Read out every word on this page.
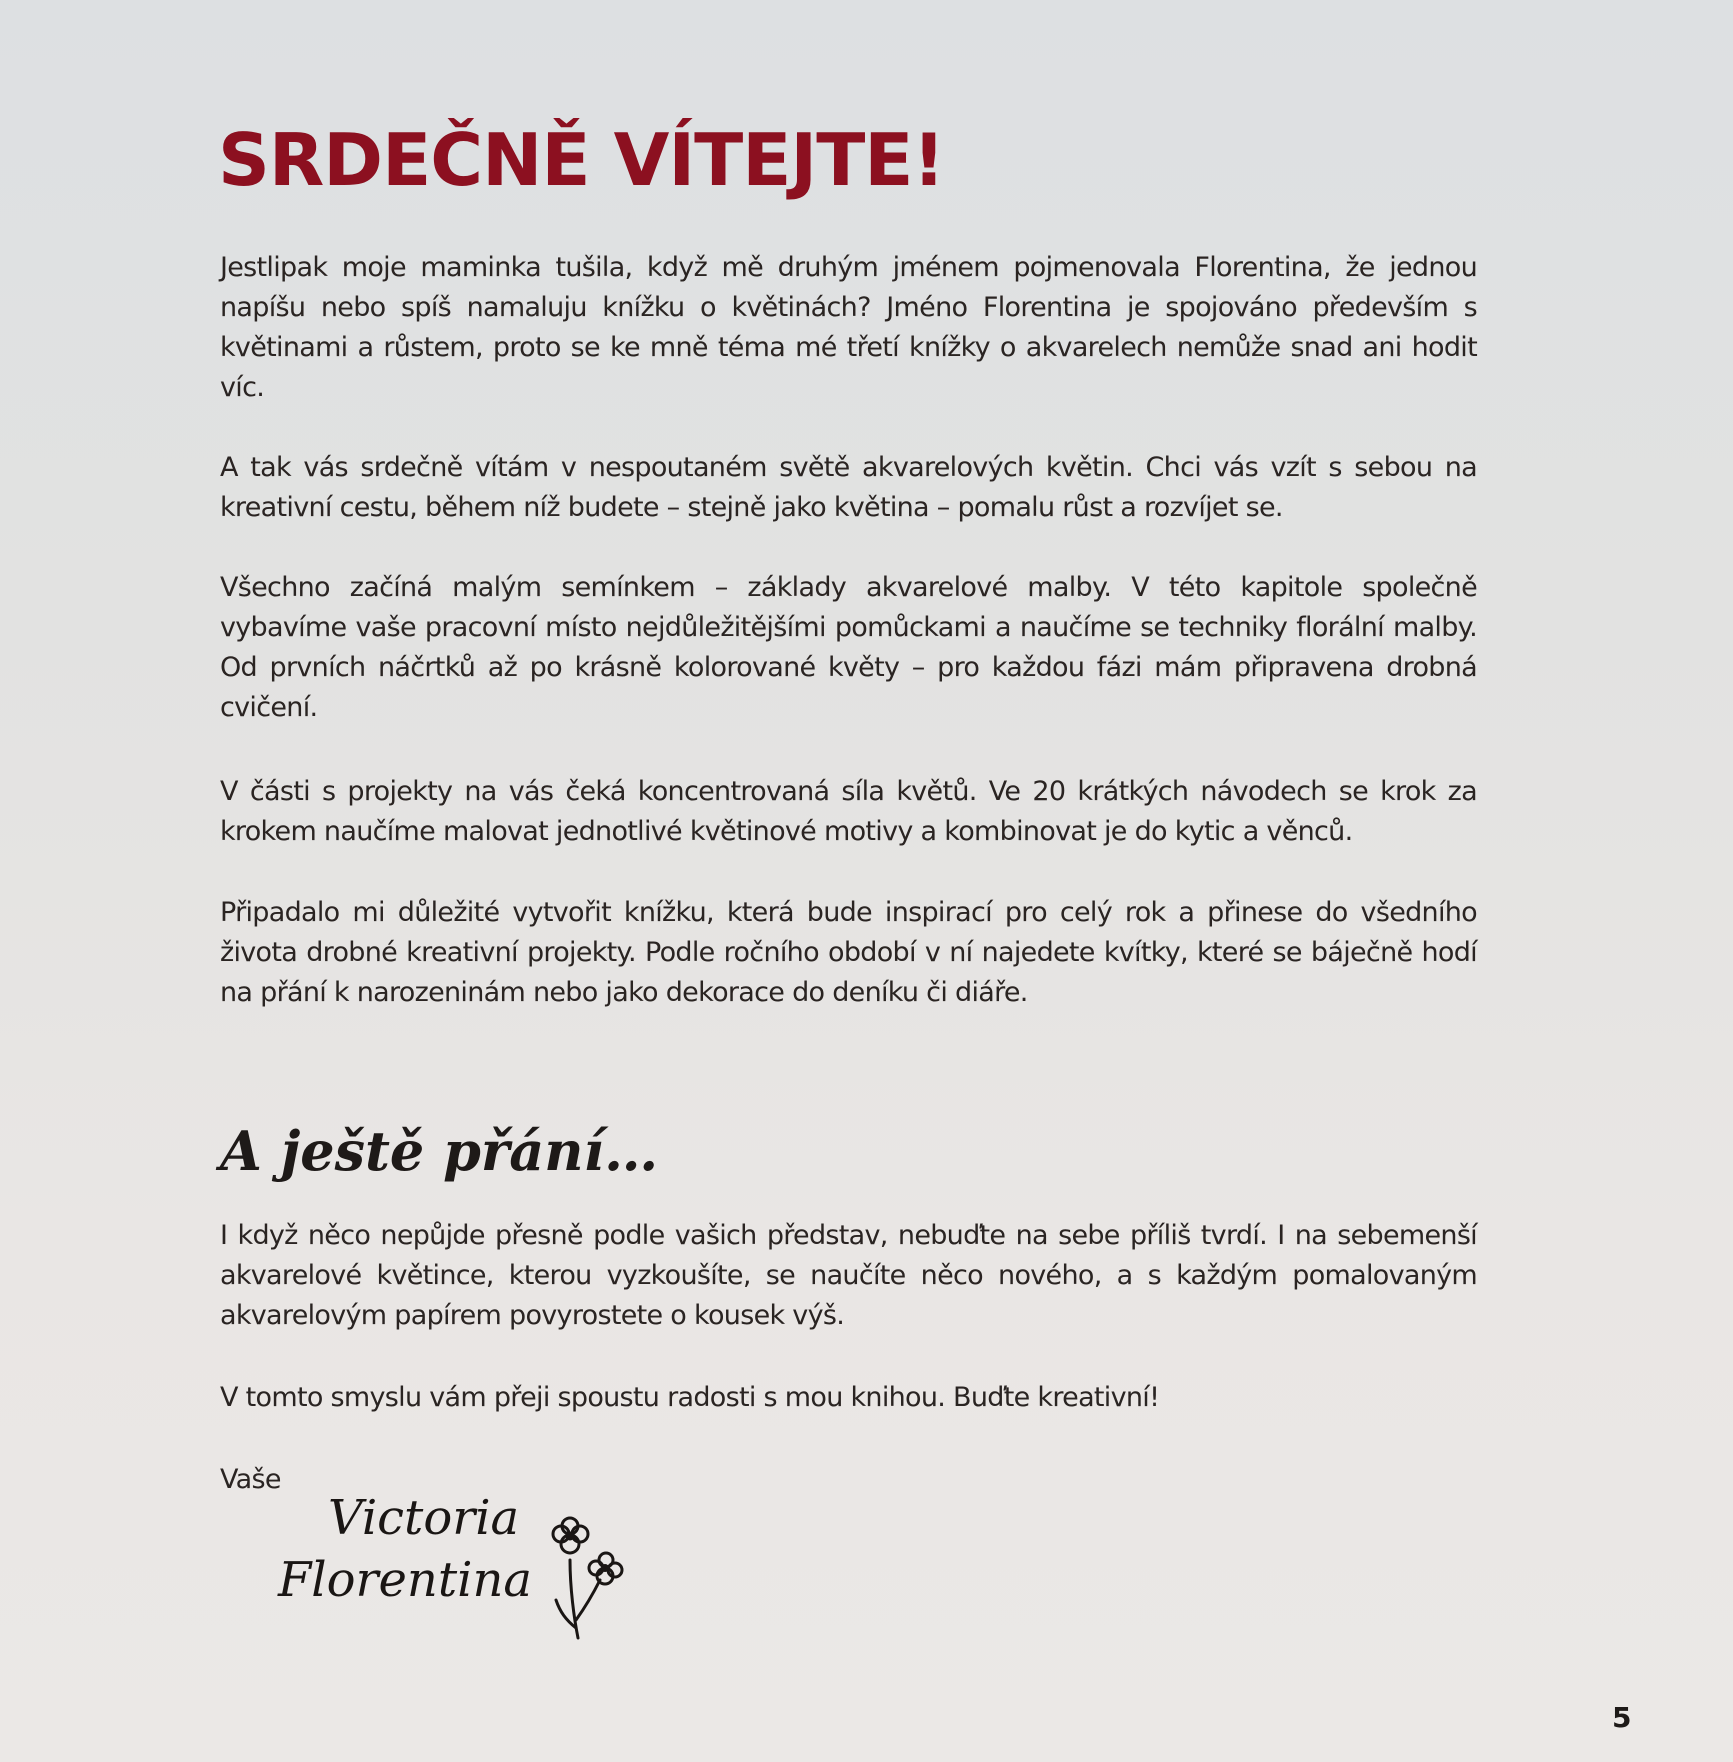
SRDEČNĚ VÍTEJTE!

Jestlipak moje maminka tušila, když mě druhým jménem pojmenovala Florentina, že jednou napíšu nebo spíš namaluju knížku o květinách? Jméno Florentina je spojováno především s květinami a růstem, proto se ke mně téma mé třetí knížky o akvarelech nemůže snad ani hodit víc.

A tak vás srdečně vítám v nespoutaném světě akvarelových květin. Chci vás vzít s sebou na kreativní cestu, během níž budete – stejně jako květina – pomalu růst a rozvíjet se.

Všechno začíná malým semínkem – základy akvarelové malby. V této kapitole společně vybavíme vaše pracovní místo nejdůležitějšími pomůckami a naučíme se techniky florální malby. Od prvních náčrtků až po krásně kolorované květy – pro každou fázi mám připravena drobná cvičení.

V části s projekty na vás čeká koncentrovaná síla květů. Ve 20 krátkých návodech se krok za krokem naučíme malovat jednotlivé květinové motivy a kombinovat je do kytic a věnců.

Připadalo mi důležité vytvořit knížku, která bude inspirací pro celý rok a přinese do všedního života drobné kreativní projekty. Podle ročního období v ní najedete kvítky, které se báječně hodí na přání k narozeninám nebo jako dekorace do deníku či diáře.

A ještě přání…

I když něco nepůjde přesně podle vašich představ, nebuďte na sebe příliš tvrdí. I na sebemenší akvarelové květince, kterou vyzkoušíte, se naučíte něco nového, a s každým pomalovaným akvarelovým papírem povyrostete o kousek výš.

V tomto smyslu vám přeji spoustu radosti s mou knihou. Buďte kreativní!

Vaše

Victoria
Florentina

5
